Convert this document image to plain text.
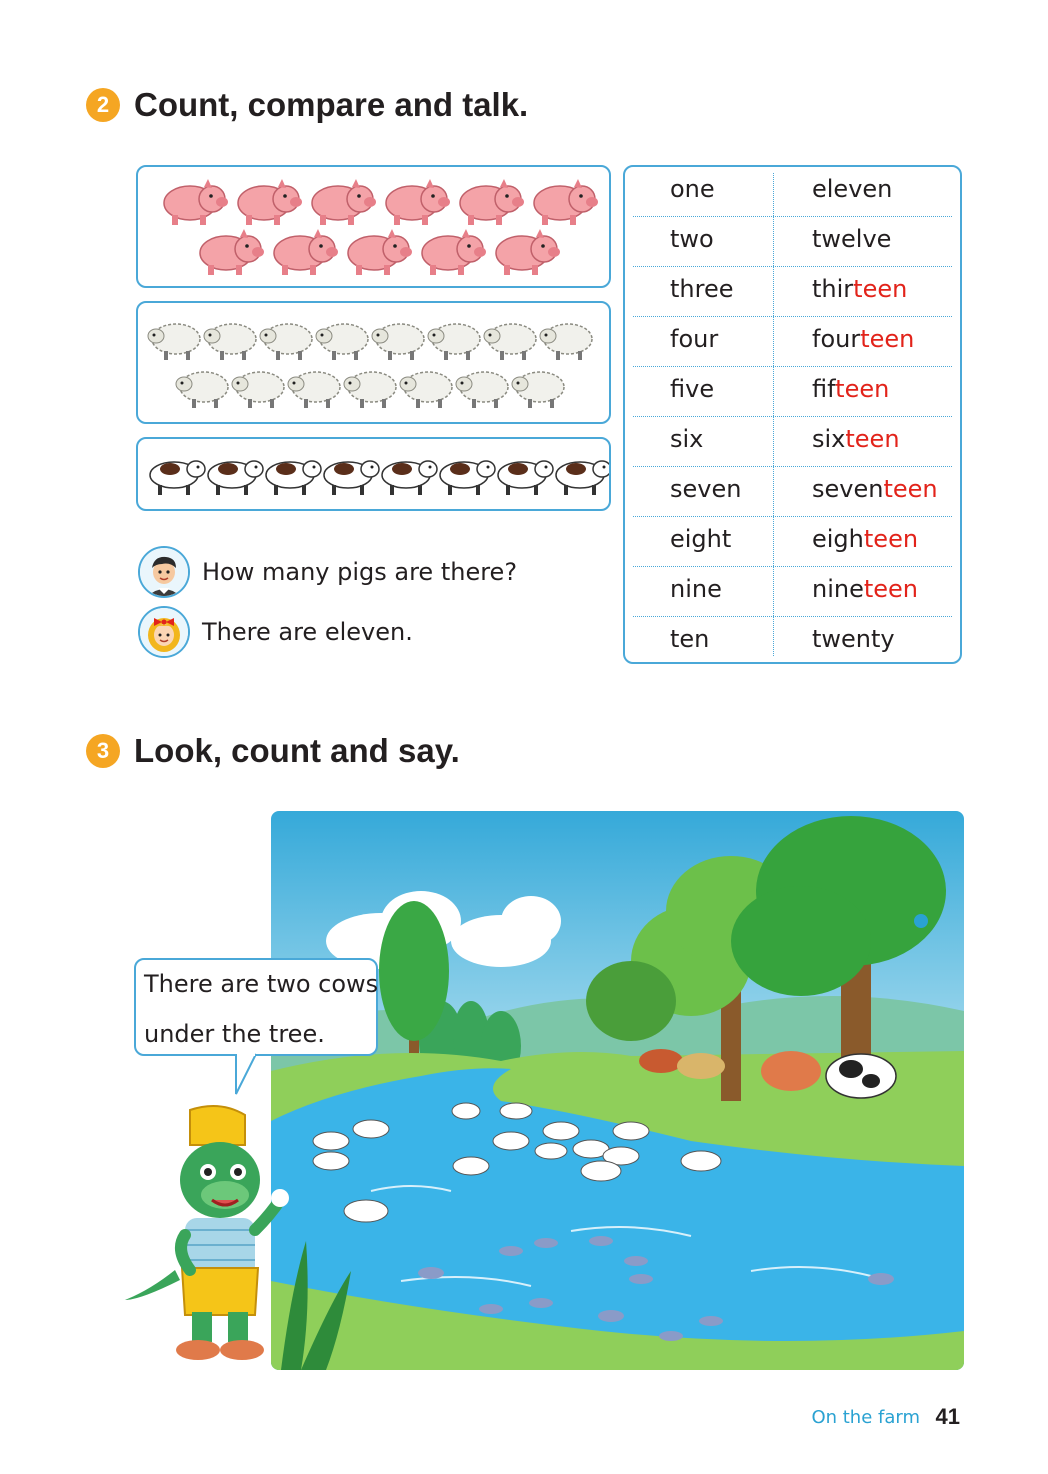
2 Count, compare and talk.
one	eleven
two	twelve
three	thirteen
four	fourteen
five	fifteen
six	sixteen
seven	seventeen
eight	eighteen
nine	nineteen
ten	twenty
How many pigs are there?
There are eleven.
3 Look, count and say.
There are two cows
under the tree.
On the farm 41
